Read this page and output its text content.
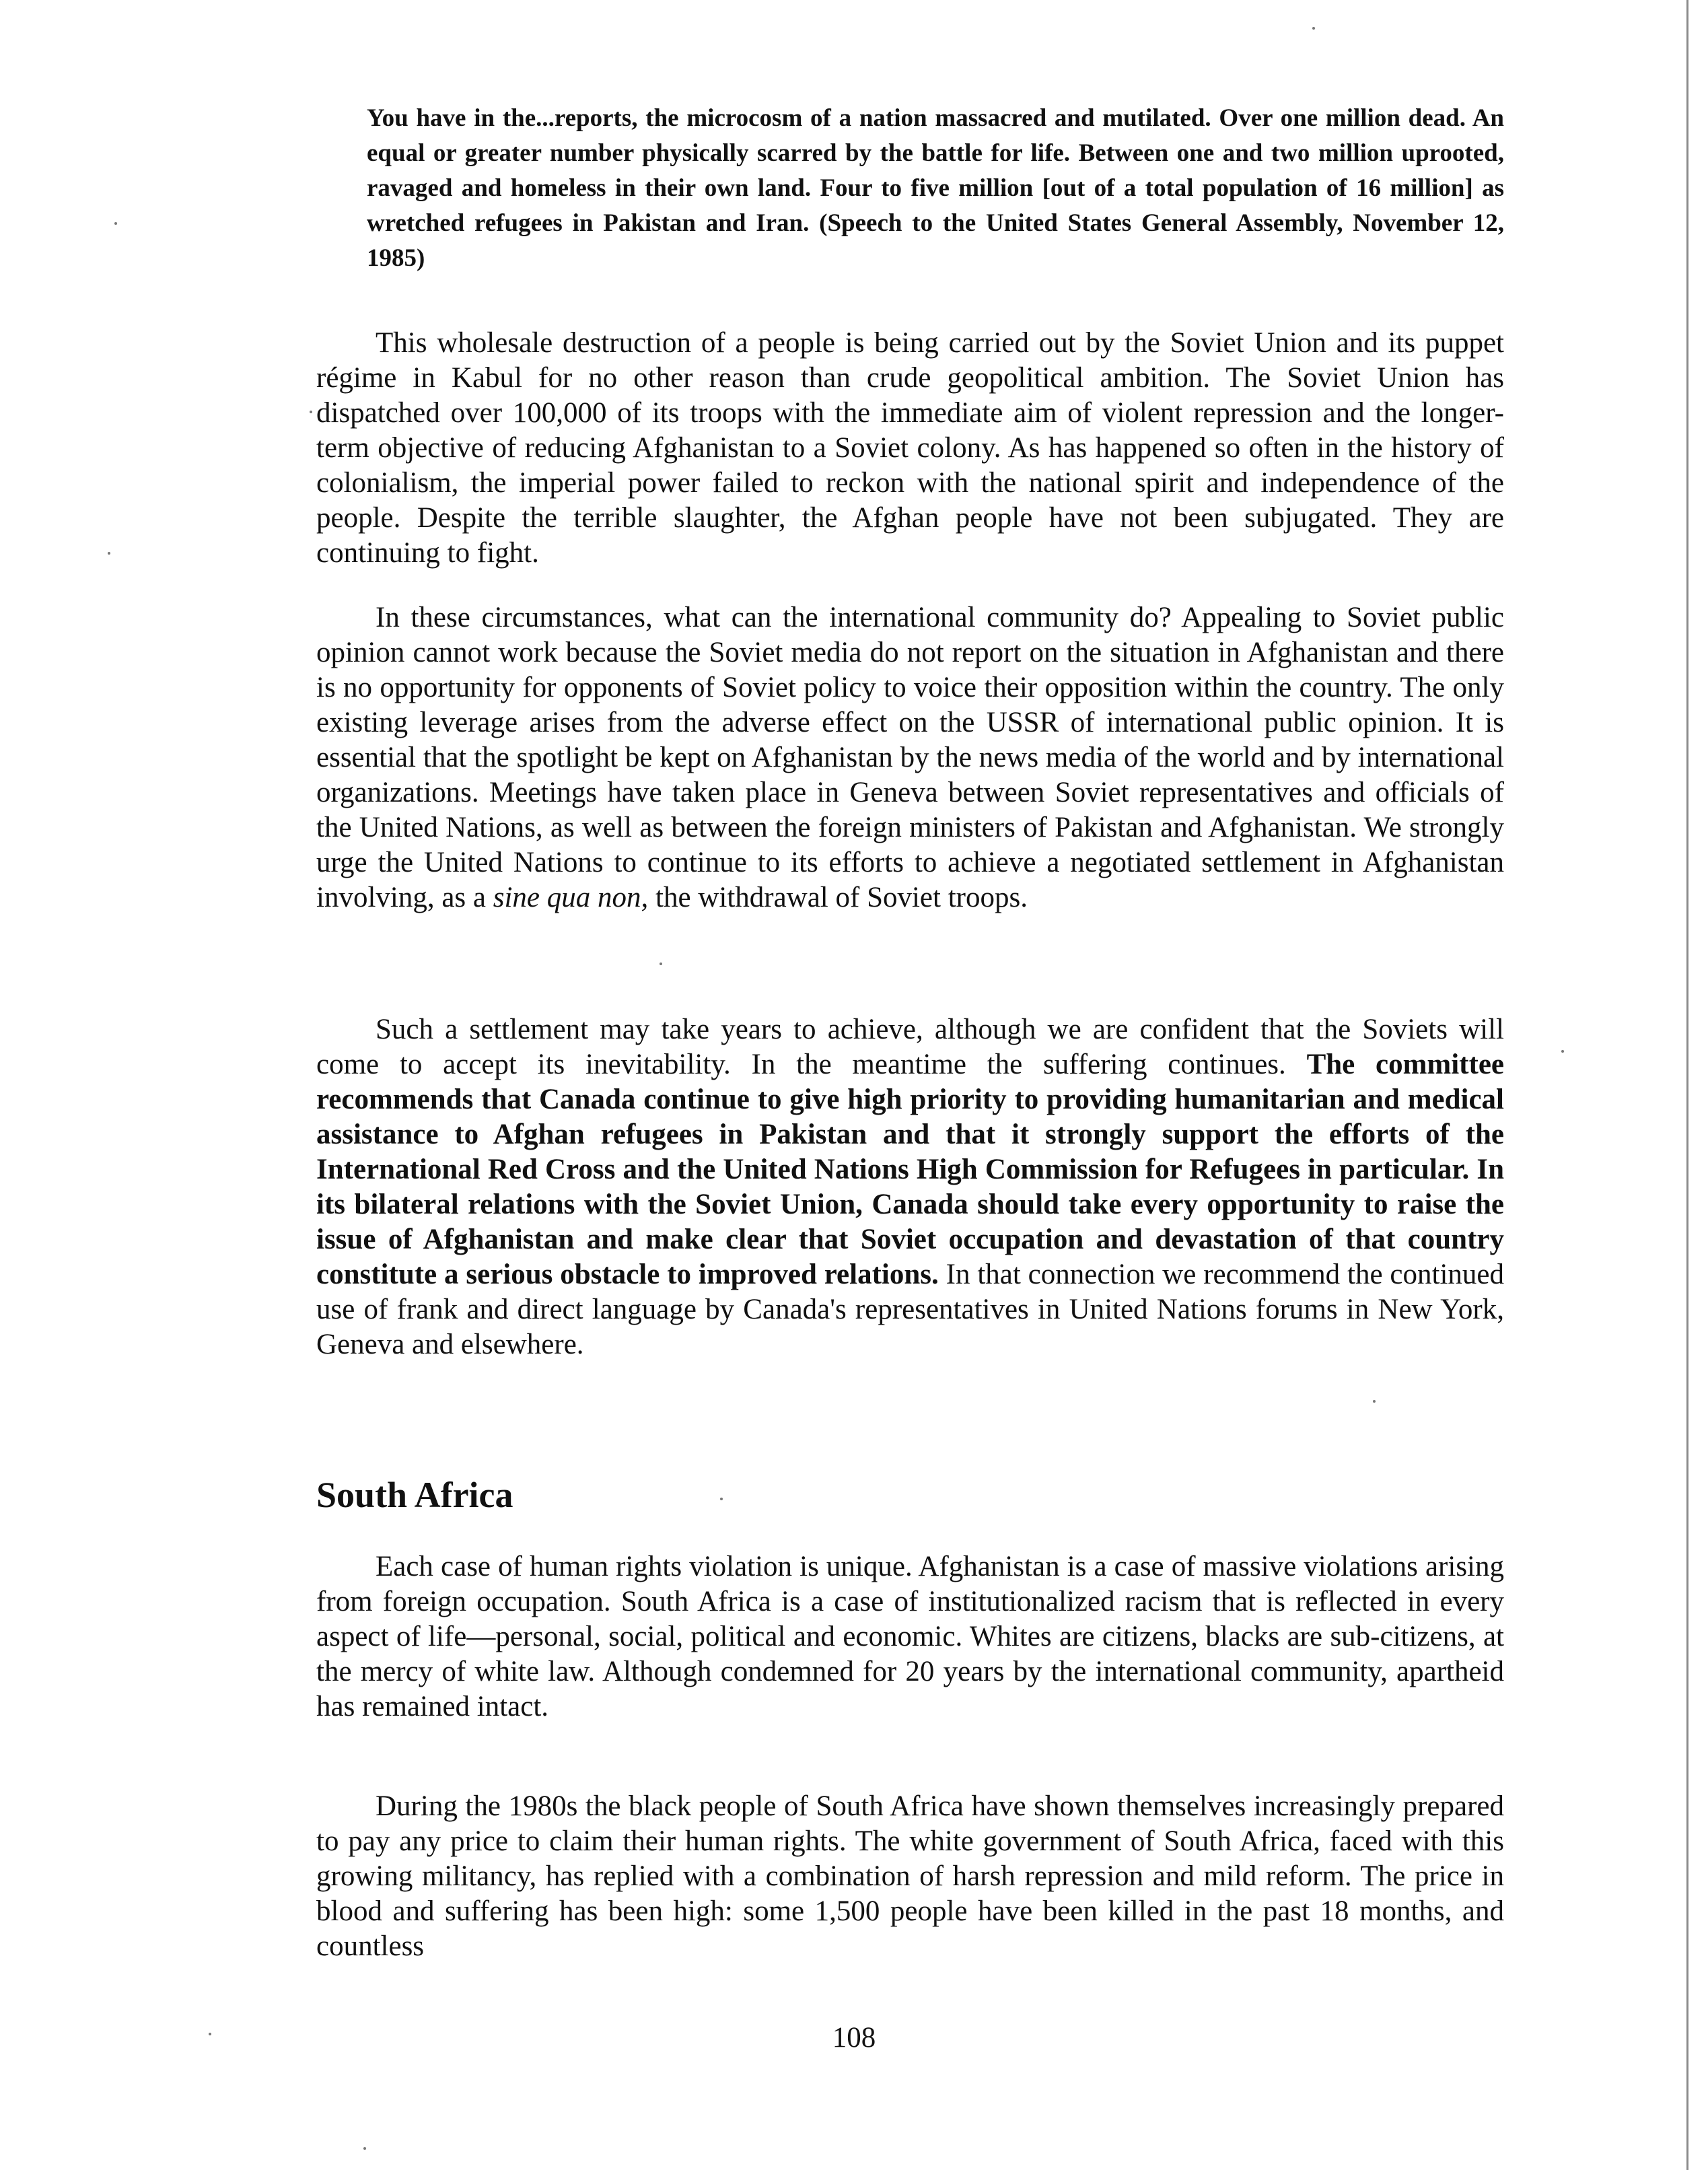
You have in the...reports, the microcosm of a nation massacred and mutilated. Over one million dead. An equal or greater number physically scarred by the battle for life. Between one and two million uprooted, ravaged and homeless in their own land. Four to five million [out of a total population of 16 million] as wretched refugees in Pakistan and Iran. (Speech to the United States General Assembly, November 12, 1985)

This wholesale destruction of a people is being carried out by the Soviet Union and its puppet régime in Kabul for no other reason than crude geopolitical ambition. The Soviet Union has dispatched over 100,000 of its troops with the immediate aim of violent repression and the longer-term objective of reducing Afghanistan to a Soviet colony. As has happened so often in the history of colonialism, the imperial power failed to reckon with the national spirit and independence of the people. Despite the terrible slaughter, the Afghan people have not been subjugated. They are continuing to fight.

In these circumstances, what can the international community do? Appealing to Soviet public opinion cannot work because the Soviet media do not report on the situation in Afghanistan and there is no opportunity for opponents of Soviet policy to voice their opposition within the country. The only existing leverage arises from the adverse effect on the USSR of international public opinion. It is essential that the spotlight be kept on Afghanistan by the news media of the world and by international organizations. Meetings have taken place in Geneva between Soviet representatives and officials of the United Nations, as well as between the foreign ministers of Pakistan and Afghanistan. We strongly urge the United Nations to continue to its efforts to achieve a negotiated settlement in Afghanistan involving, as a sine qua non, the withdrawal of Soviet troops.

Such a settlement may take years to achieve, although we are confident that the Soviets will come to accept its inevitability. In the meantime the suffering continues. The committee recommends that Canada continue to give high priority to providing humanitarian and medical assistance to Afghan refugees in Pakistan and that it strongly support the efforts of the International Red Cross and the United Nations High Commission for Refugees in particular. In its bilateral relations with the Soviet Union, Canada should take every opportunity to raise the issue of Afghanistan and make clear that Soviet occupation and devastation of that country constitute a serious obstacle to improved relations. In that connection we recommend the continued use of frank and direct language by Canada's representatives in United Nations forums in New York, Geneva and elsewhere.

South Africa

Each case of human rights violation is unique. Afghanistan is a case of massive violations arising from foreign occupation. South Africa is a case of institutionalized racism that is reflected in every aspect of life—personal, social, political and economic. Whites are citizens, blacks are sub-citizens, at the mercy of white law. Although condemned for 20 years by the international community, apartheid has remained intact.

During the 1980s the black people of South Africa have shown themselves increasingly prepared to pay any price to claim their human rights. The white government of South Africa, faced with this growing militancy, has replied with a combination of harsh repression and mild reform. The price in blood and suffering has been high: some 1,500 people have been killed in the past 18 months, and countless

108
